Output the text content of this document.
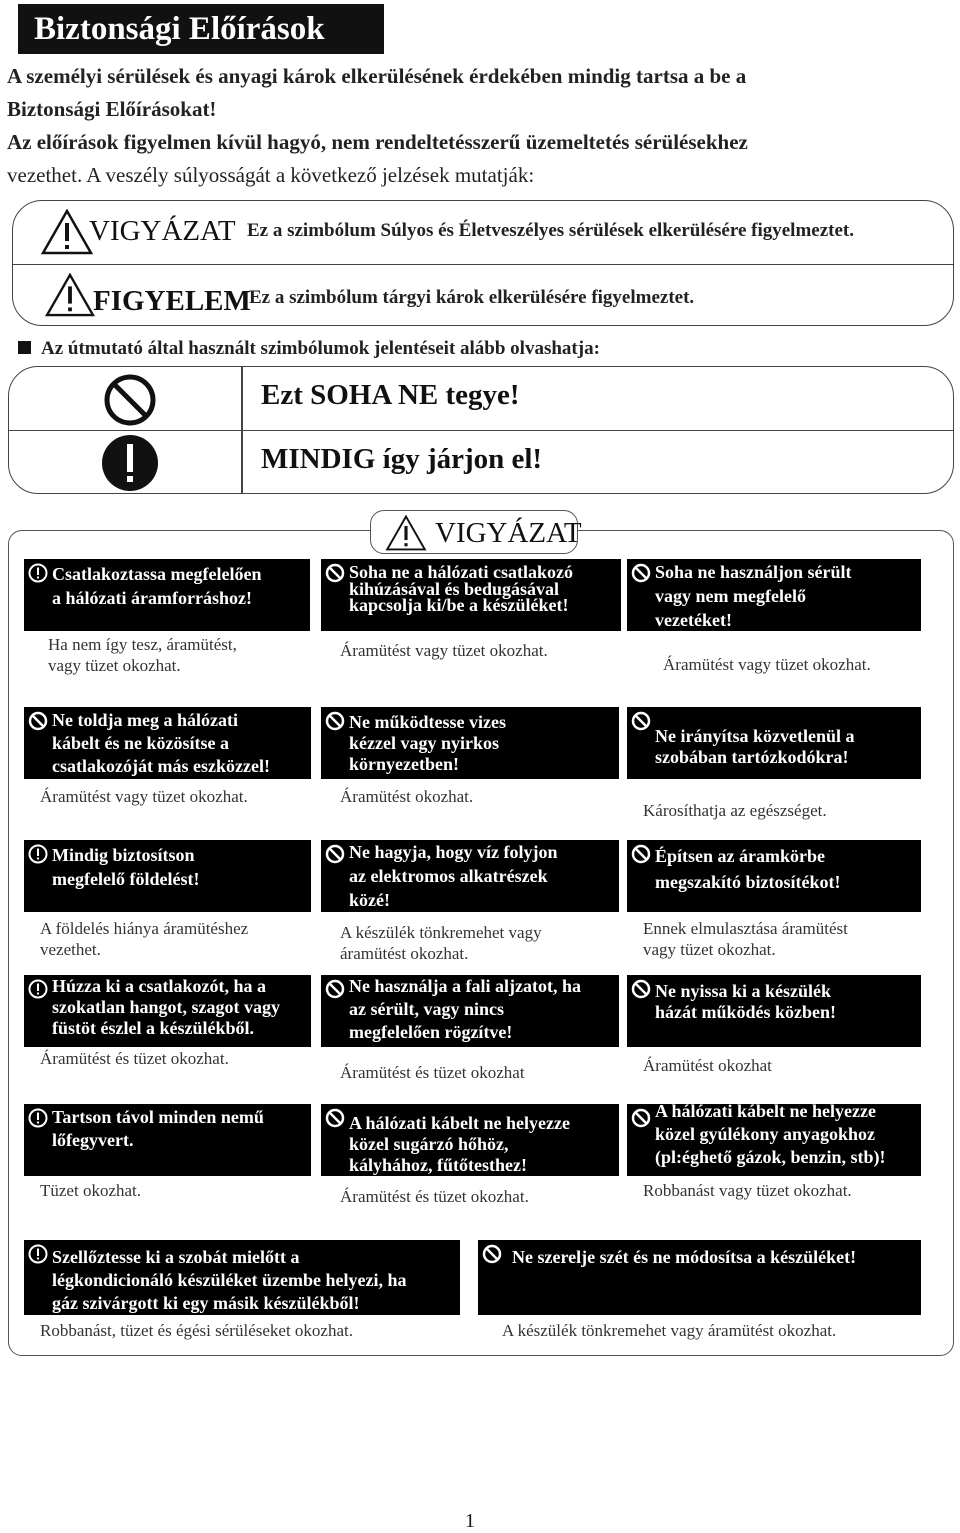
Biztonsági Előírások
A személyi sérülések és anyagi károk elkerülésének érdekében mindig tartsa a be a
Biztonsági Előírásokat!
Az előírások figyelmen kívül hagyó, nem rendeltetésszerű üzemeltetés sérülésekhez
vezethet. A veszély súlyosságát a következő jelzések mutatják:
VIGYÁZAT Ez a szimbólum Súlyos és Életveszélyes sérülések elkerülésére figyelmeztet.
FIGYELEM
Ez a szimbólum tárgyi károk elkerülésére figyelmeztet.
Az útmutató által használt szimbólumok jelentéseit alább olvashatja:
Ezt SOHA NE tegye!
MINDIG így járjon el!
VIGYÁZAT
Csatlakoztassa megfelelően
a hálózati áramforráshoz!
Ha nem így tesz, áramütést,
vagy tüzet okozhat.
Soha ne a hálózati csatlakozó
kihúzásával és bedugásával
kapcsolja ki/be a készüléket!
Áramütést vagy tüzet okozhat.
Soha ne használjon sérült
vagy nem megfelelő
vezetéket!
Áramütést vagy tüzet okozhat.
Ne toldja meg a hálózati
kábelt és ne közösítse a
csatlakozóját más eszközzel!
Áramütést vagy tüzet okozhat.
Ne működtesse vizes
kézzel vagy nyirkos
környezetben!
Áramütést okozhat.
Ne irányítsa közvetlenül a
szobában tartózkodókra!
Károsíthatja az egészséget.
Mindig biztosítson
megfelelő földelést!
A földelés hiánya áramütéshez
vezethet.
Ne hagyja, hogy víz folyjon
az elektromos alkatrészek
közé!
A készülék tönkremehet vagy
áramütést okozhat.
Építsen az áramkörbe
megszakító biztosítékot!
Ennek elmulasztása áramütést
vagy tüzet okozhat.
Húzza ki a csatlakozót, ha a
szokatlan hangot, szagot vagy
füstöt észlel a készülékből.
Áramütést és tüzet okozhat.
Ne használja a fali aljzatot, ha
az sérült, vagy nincs
megfelelően rögzítve!
Áramütést és tüzet okozhat
Ne nyissa ki a készülék
házát működés közben!
Áramütést okozhat
Tartson távol minden nemű
lőfegyvert.
Tüzet okozhat.
A hálózati kábelt ne helyezze
közel sugárzó hőhöz,
kályhához, fűtőtesthez!
Áramütést és tüzet okozhat.
A hálózati kábelt ne helyezze
közel gyúlékony anyagokhoz
(pl:éghető gázok, benzin, stb)!
Robbanást vagy tüzet okozhat.
Szellőztesse ki a szobát mielőtt a
légkondicionáló készüléket üzembe helyezi, ha
gáz szivárgott ki egy másik készülékből!
Robbanást, tüzet és égési sérüléseket okozhat.
Ne szerelje szét és ne módosítsa a készüléket!
A készülék tönkremehet vagy áramütést okozhat.
1
